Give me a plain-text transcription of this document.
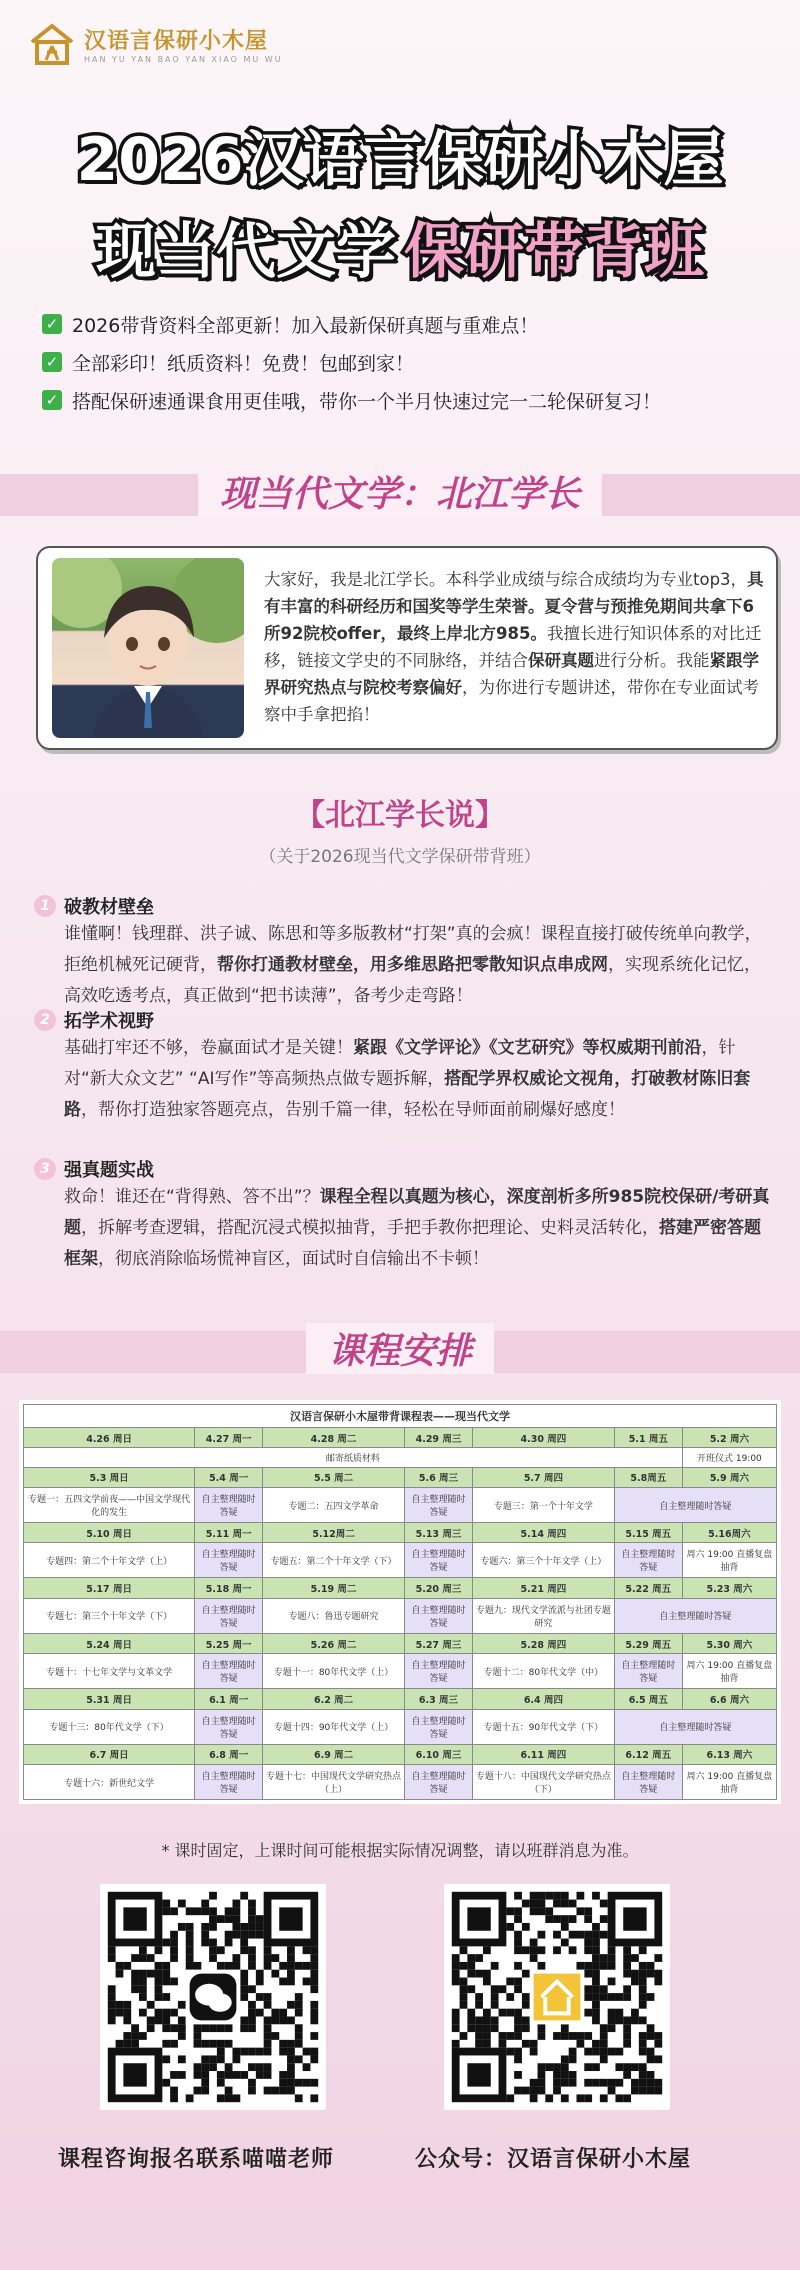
汉语言保研小木屋
HAN YU YAN BAO YAN XIAO MU WU
2026汉语言保研小木屋
现当代文学 保研带背班
✓ 2026带背资料全部更新！加入最新保研真题与重难点！
✓ 全部彩印！纸质资料！免费！包邮到家！
✓ 搭配保研速通课食用更佳哦，带你一个半月快速过完一二轮保研复习！
现当代文学：北江学长
大家好，我是北江学长。本科学业成绩与综合成绩均为专业top3，具有丰富的科研经历和国奖等学生荣誉。夏令营与预推免期间共拿下6所92院校offer，最终上岸北方985。我擅长进行知识体系的对比迁移，链接文学史的不同脉络，并结合保研真题进行分析。我能紧跟学界研究热点与院校考察偏好，为你进行专题讲述，带你在专业面试考察中手拿把掐！
【北江学长说】
（关于2026现当代文学保研带背班）
1 破教材壁垒
谁懂啊！钱理群、洪子诚、陈思和等多版教材“打架”真的会疯！课程直接打破传统单向教学，拒绝机械死记硬背，帮你打通教材壁垒，用多维思路把零散知识点串成网，实现系统化记忆，高效吃透考点，真正做到“把书读薄”，备考少走弯路！
2 拓学术视野
基础打牢还不够，卷赢面试才是关键！紧跟《文学评论》《文艺研究》等权威期刊前沿，针对“新大众文艺” “AI写作”等高频热点做专题拆解，搭配学界权威论文视角，打破教材陈旧套路，帮你打造独家答题亮点，告别千篇一律，轻松在导师面前刷爆好感度！
3 强真题实战
救命！谁还在“背得熟、答不出”？课程全程以真题为核心，深度剖析多所985院校保研/考研真题，拆解考查逻辑，搭配沉浸式模拟抽背，手把手教你把理论、史料灵活转化，搭建严密答题框架，彻底消除临场慌神盲区，面试时自信输出不卡顿！
课程安排
汉语言保研小木屋带背课程表——现当代文学						
4.26 周日	4.27 周一	4.28 周二	4.29 周三	4.30 周四	5.1 周五	5.2 周六
邮寄纸质材料						开班仪式 19:00
5.3 周日	5.4 周一	5.5 周二	5.6 周三	5.7 周四	5.8周五	5.9 周六
专题一：五四文学前夜——中国文学现代化的发生	自主整理随时答疑	专题二：五四文学革命	自主整理随时答疑	专题三：第一个十年文学	自主整理随时答疑	
5.10 周日	5.11 周一	5.12周二	5.13 周三	5.14 周四	5.15 周五	5.16周六
专题四：第二个十年文学（上）	自主整理随时答疑	专题五：第二个十年文学（下）	自主整理随时答疑	专题六：第三个十年文学（上）	自主整理随时答疑	周六 19:00 直播复盘抽背
5.17 周日	5.18 周一	5.19 周二	5.20 周三	5.21 周四	5.22 周五	5.23 周六
专题七：第三个十年文学（下）	自主整理随时答疑	专题八：鲁迅专题研究	自主整理随时答疑	专题九：现代文学流派与社团专题研究	自主整理随时答疑	
5.24 周日	5.25 周一	5.26 周二	5.27 周三	5.28 周四	5.29 周五	5.30 周六
专题十：十七年文学与文革文学	自主整理随时答疑	专题十一：80年代文学（上）	自主整理随时答疑	专题十二：80年代文学（中）	自主整理随时答疑	周六 19:00 直播复盘抽背
5.31 周日	6.1 周一	6.2 周二	6.3 周三	6.4 周四	6.5 周五	6.6 周六
专题十三：80年代文学（下）	自主整理随时答疑	专题十四：90年代文学（上）	自主整理随时答疑	专题十五：90年代文学（下）	自主整理随时答疑	
6.7 周日	6.8 周一	6.9 周二	6.10 周三	6.11 周四	6.12 周五	6.13 周六
专题十六：新世纪文学	自主整理随时答疑	专题十七：中国现代文学研究热点（上）	自主整理随时答疑	专题十八：中国现代文学研究热点（下）	自主整理随时答疑	周六 19:00 直播复盘抽背
* 课时固定，上课时间可能根据实际情况调整，请以班群消息为准。
课程咨询报名联系喵喵老师	公众号：汉语言保研小木屋
